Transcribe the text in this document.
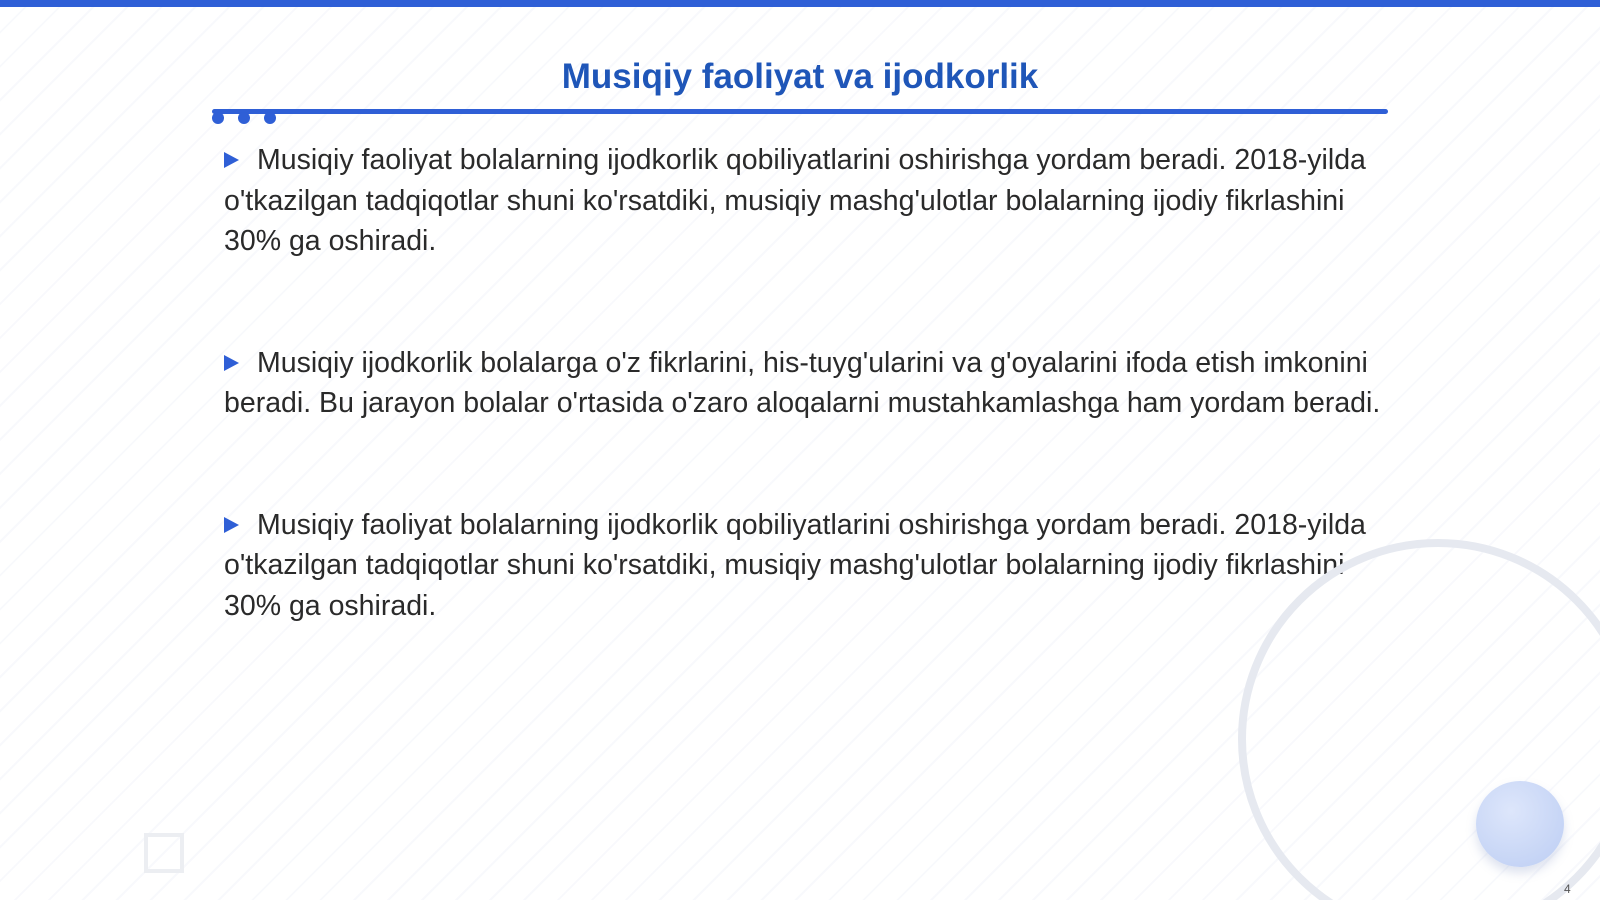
Musiqiy faoliyat va ijodkorlik

Musiqiy faoliyat bolalarning ijodkorlik qobiliyatlarini oshirishga yordam beradi. 2018-yilda o'tkazilgan tadqiqotlar shuni ko'rsatdiki, musiqiy mashg'ulotlar bolalarning ijodiy fikrlashini 30% ga oshiradi.

Musiqiy ijodkorlik bolalarga o'z fikrlarini, his-tuyg'ularini va g'oyalarini ifoda etish imkonini beradi. Bu jarayon bolalar o'rtasida o'zaro aloqalarni mustahkamlashga ham yordam beradi.

Musiqiy faoliyat bolalarning ijodkorlik qobiliyatlarini oshirishga yordam beradi. 2018-yilda o'tkazilgan tadqiqotlar shuni ko'rsatdiki, musiqiy mashg'ulotlar bolalarning ijodiy fikrlashini 30% ga oshiradi.

4
